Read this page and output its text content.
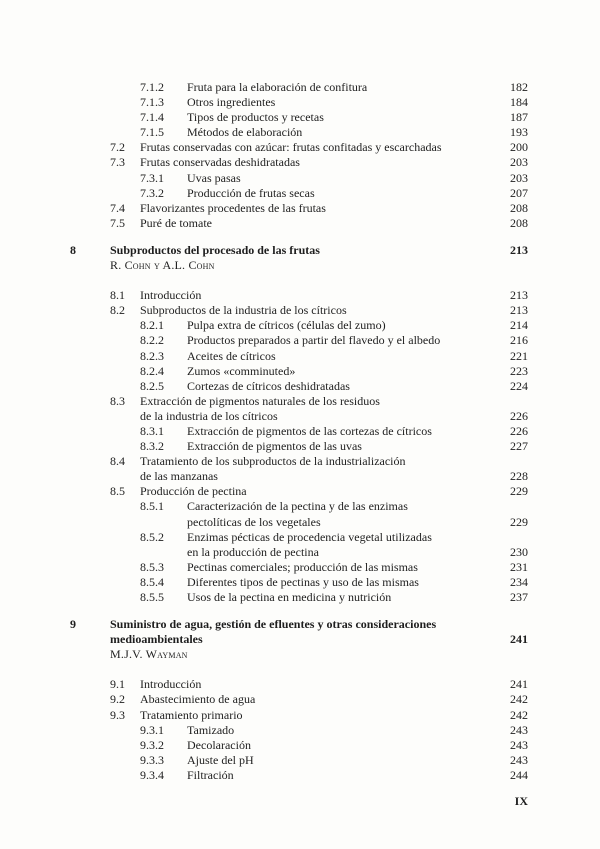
7.1.2	Fruta para la elaboración de confitura	182
7.1.3	Otros ingredientes	184
7.1.4	Tipos de productos y recetas	187
7.1.5	Métodos de elaboración	193
7.2	Frutas conservadas con azúcar: frutas confitadas y escarchadas	200
7.3	Frutas conservadas deshidratadas	203
7.3.1	Uvas pasas	203
7.3.2	Producción de frutas secas	207
7.4	Flavorizantes procedentes de las frutas	208
7.5	Puré de tomate	208
8	Subproductos del procesado de las frutas	213
R. Cohn y A.L. Cohn
8.1	Introducción	213
8.2	Subproductos de la industria de los cítricos	213
8.2.1	Pulpa extra de cítricos (células del zumo)	214
8.2.2	Productos preparados a partir del flavedo y el albedo	216
8.2.3	Aceites de cítricos	221
8.2.4	Zumos «comminuted»	223
8.2.5	Cortezas de cítricos deshidratadas	224
8.3	Extracción de pigmentos naturales de los residuos
de la industria de los cítricos	226
8.3.1	Extracción de pigmentos de las cortezas de cítricos	226
8.3.2	Extracción de pigmentos de las uvas	227
8.4	Tratamiento de los subproductos de la industrialización
de las manzanas	228
8.5	Producción de pectina	229
8.5.1	Caracterización de la pectina y de las enzimas
pectolíticas de los vegetales	229
8.5.2	Enzimas pécticas de procedencia vegetal utilizadas
en la producción de pectina	230
8.5.3	Pectinas comerciales; producción de las mismas	231
8.5.4	Diferentes tipos de pectinas y uso de las mismas	234
8.5.5	Usos de la pectina en medicina y nutrición	237
9	Suministro de agua, gestión de efluentes y otras consideraciones
medioambientales	241
M.J.V. Wayman
9.1	Introducción	241
9.2	Abastecimiento de agua	242
9.3	Tratamiento primario	242
9.3.1	Tamizado	243
9.3.2	Decolaración	243
9.3.3	Ajuste del pH	243
9.3.4	Filtración	244
IX
